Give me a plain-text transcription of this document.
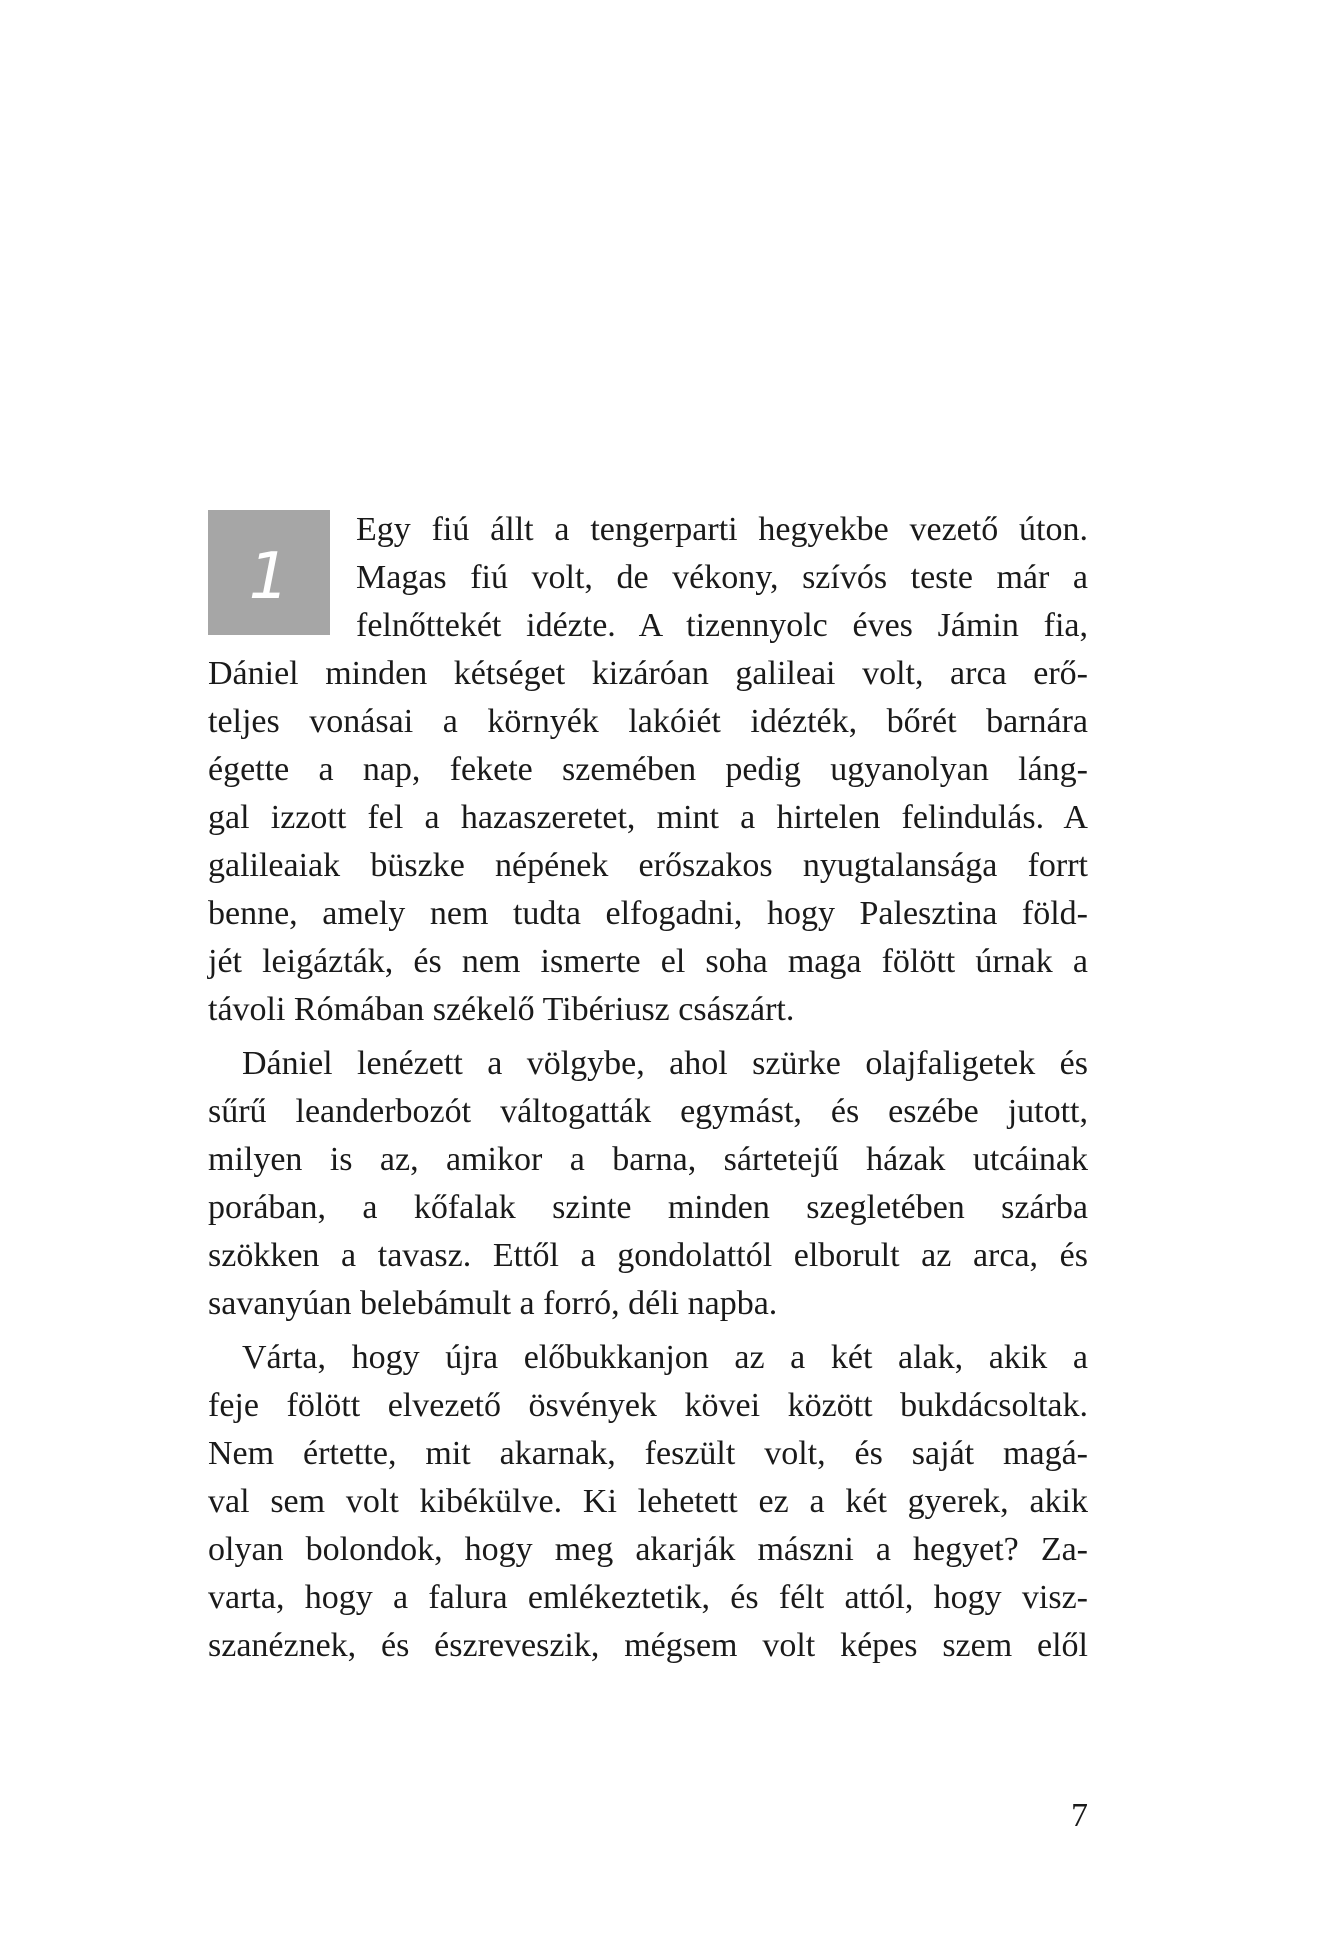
1
Egy fiú állt a tengerparti hegyekbe vezető úton.
Magas fiú volt, de vékony, szívós teste már a
felnőttekét idézte. A tizennyolc éves Jámin fia,
Dániel minden kétséget kizáróan galileai volt, arca erő-
teljes vonásai a környék lakóiét idézték, bőrét barnára
égette a nap, fekete szemében pedig ugyanolyan láng-
gal izzott fel a hazaszeretet, mint a hirtelen felindulás. A
galileaiak büszke népének erőszakos nyugtalansága forrt
benne, amely nem tudta elfogadni, hogy Palesztina föld-
jét leigázták, és nem ismerte el soha maga fölött úrnak a
távoli Rómában székelő Tibériusz császárt.
Dániel lenézett a völgybe, ahol szürke olajfaligetek és
sűrű leanderbozót váltogatták egymást, és eszébe jutott,
milyen is az, amikor a barna, sártetejű házak utcáinak
porában, a kőfalak szinte minden szegletében szárba
szökken a tavasz. Ettől a gondolattól elborult az arca, és
savanyúan belebámult a forró, déli napba.
Várta, hogy újra előbukkanjon az a két alak, akik a
feje fölött elvezető ösvények kövei között bukdácsoltak.
Nem értette, mit akarnak, feszült volt, és saját magá-
val sem volt kibékülve. Ki lehetett ez a két gyerek, akik
olyan bolondok, hogy meg akarják mászni a hegyet? Za-
varta, hogy a falura emlékeztetik, és félt attól, hogy visz-
szanéznek, és észreveszik, mégsem volt képes szem elől
7
